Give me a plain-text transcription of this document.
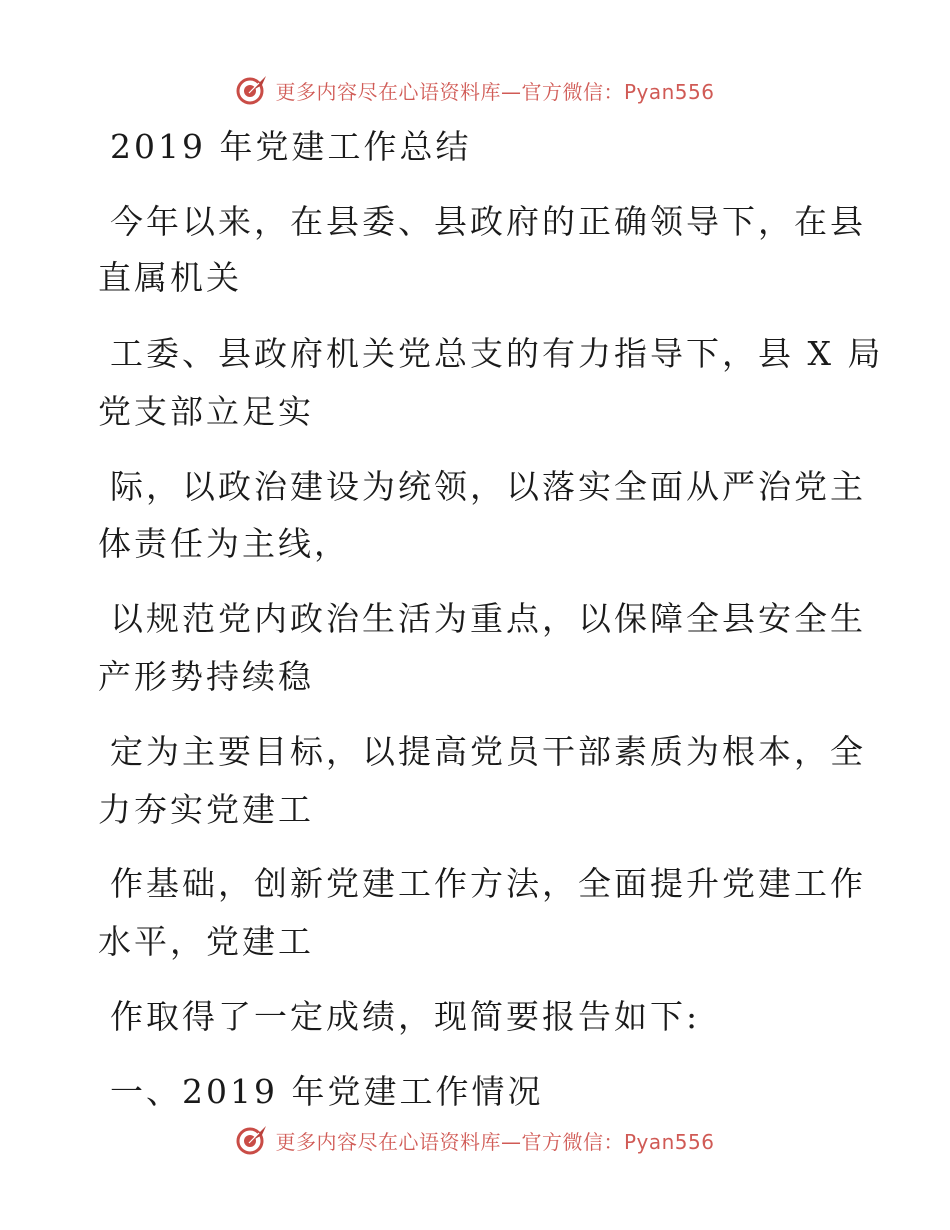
更多内容尽在心语资料库—官方微信：Pyan556
2019 年党建工作总结
今年以来，在县委、县政府的正确领导下，在县
直属机关
工委、县政府机关党总支的有力指导下，县 X 局
党支部立足实
际，以政治建设为统领，以落实全面从严治党主
体责任为主线，
以规范党内政治生活为重点，以保障全县安全生
产形势持续稳
定为主要目标，以提高党员干部素质为根本，全
力夯实党建工
作基础，创新党建工作方法，全面提升党建工作
水平，党建工
作取得了一定成绩，现简要报告如下:
一、2019 年党建工作情况
更多内容尽在心语资料库—官方微信：Pyan556
